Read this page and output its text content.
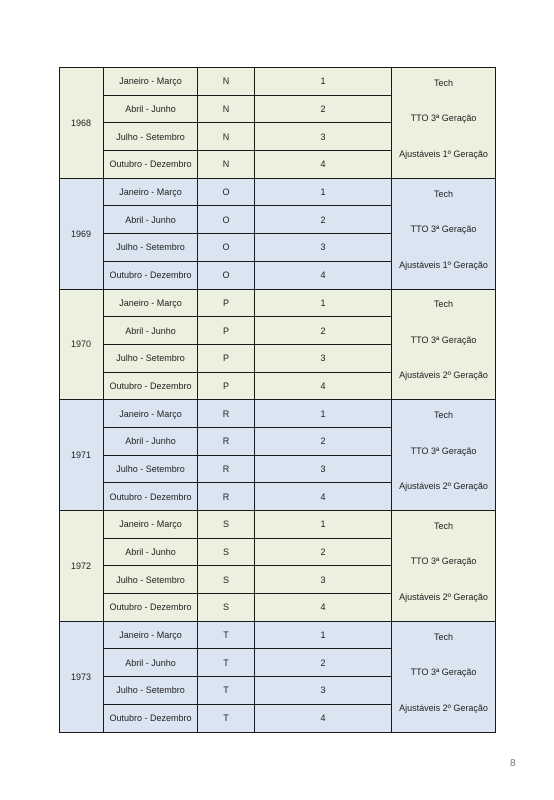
1968	Janeiro - Março	N	1	Tech
TTO 3ª Geração
Ajustáveis 1º Geração

	Abril - Junho	N	2	
	Julho - Setembro	N	3	
	Outubro - Dezembro	N	4	
1969	Janeiro - Março	O	1	Tech
TTO 3ª Geração
Ajustáveis 1º Geração

	Abril - Junho	O	2	
	Julho - Setembro	O	3	
	Outubro - Dezembro	O	4	
1970	Janeiro - Março	P	1	Tech
TTO 3ª Geração
Ajustáveis 2º Geração

	Abril - Junho	P	2	
	Julho - Setembro	P	3	
	Outubro - Dezembro	P	4	
1971	Janeiro - Março	R	1	Tech
TTO 3ª Geração
Ajustáveis 2º Geração

	Abril - Junho	R	2	
	Julho - Setembro	R	3	
	Outubro - Dezembro	R	4	
1972	Janeiro - Março	S	1	Tech
TTO 3ª Geração
Ajustáveis 2º Geração

	Abril - Junho	S	2	
	Julho - Setembro	S	3	
	Outubro - Dezembro	S	4	
1973	Janeiro - Março	T	1	Tech
TTO 3ª Geração
Ajustáveis 2º Geração

	Abril - Junho	T	2	
	Julho - Setembro	T	3	
	Outubro - Dezembro	T	4	
8
